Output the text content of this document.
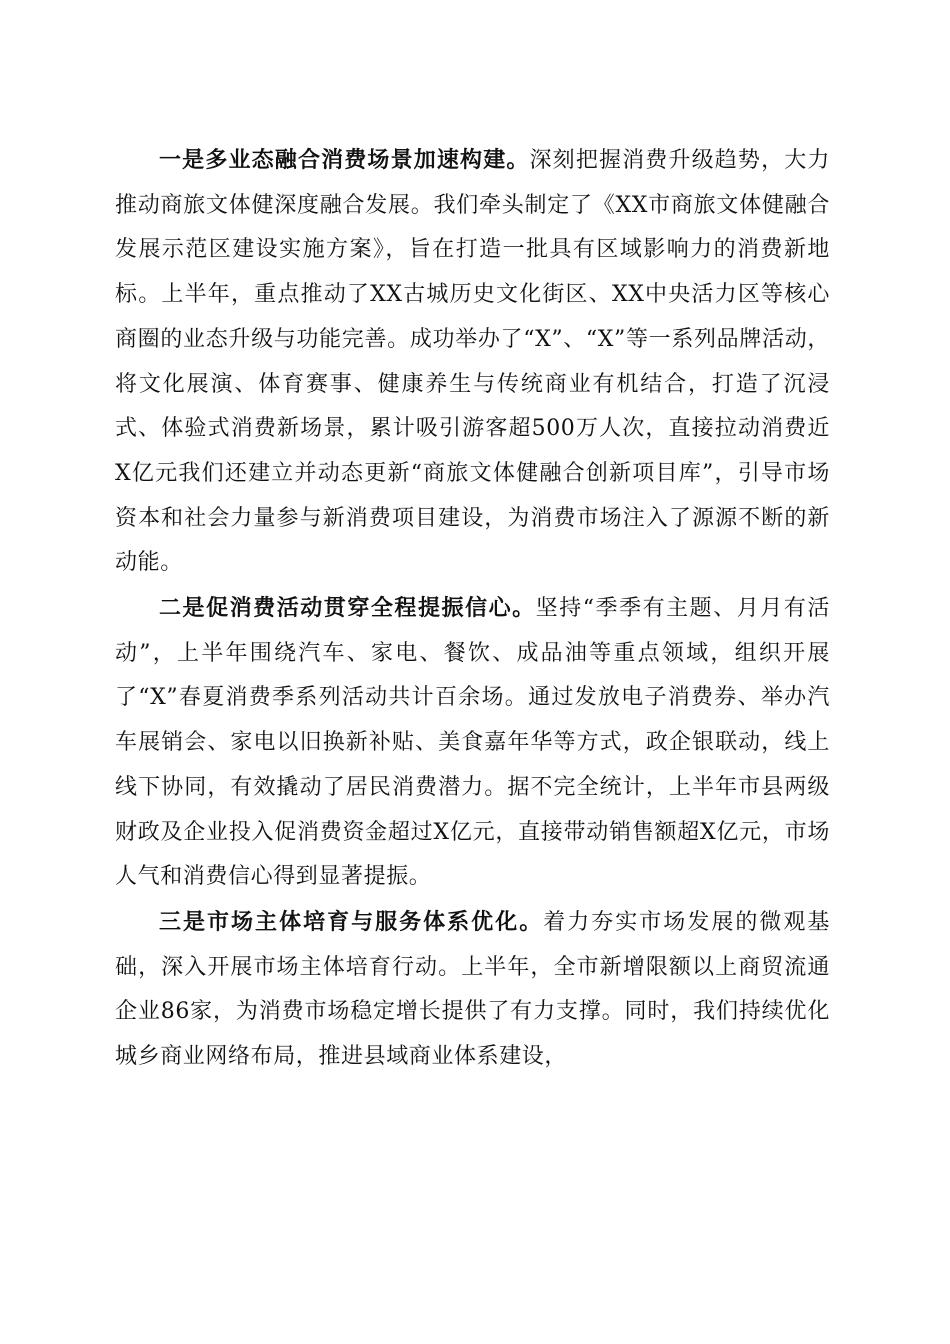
一是多业态融合消费场景加速构建。深刻把握消费升级趋势，大力推动商旅文体健深度融合发展。我们牵头制定了《XX市商旅文体健融合发展示范区建设实施方案》，旨在打造一批具有区域影响力的消费新地标。上半年，重点推动了XX古城历史文化街区、XX中央活力区等核心商圈的业态升级与功能完善。成功举办了“X”、“X”等一系列品牌活动，将文化展演、体育赛事、健康养生与传统商业有机结合，打造了沉浸式、体验式消费新场景，累计吸引游客超500万人次，直接拉动消费近X亿元我们还建立并动态更新“商旅文体健融合创新项目库”，引导市场资本和社会力量参与新消费项目建设，为消费市场注入了源源不断的新动能。

二是促消费活动贯穿全程提振信心。坚持“季季有主题、月月有活动”，上半年围绕汽车、家电、餐饮、成品油等重点领域，组织开展了“X”春夏消费季系列活动共计百余场。通过发放电子消费券、举办汽车展销会、家电以旧换新补贴、美食嘉年华等方式，政企银联动，线上线下协同，有效撬动了居民消费潜力。据不完全统计，上半年市县两级财政及企业投入促消费资金超过X亿元，直接带动销售额超X亿元，市场人气和消费信心得到显著提振。

三是市场主体培育与服务体系优化。着力夯实市场发展的微观基础，深入开展市场主体培育行动。上半年，全市新增限额以上商贸流通企业86家，为消费市场稳定增长提供了有力支撑。同时，我们持续优化城乡商业网络布局，推进县域商业体系建设，
